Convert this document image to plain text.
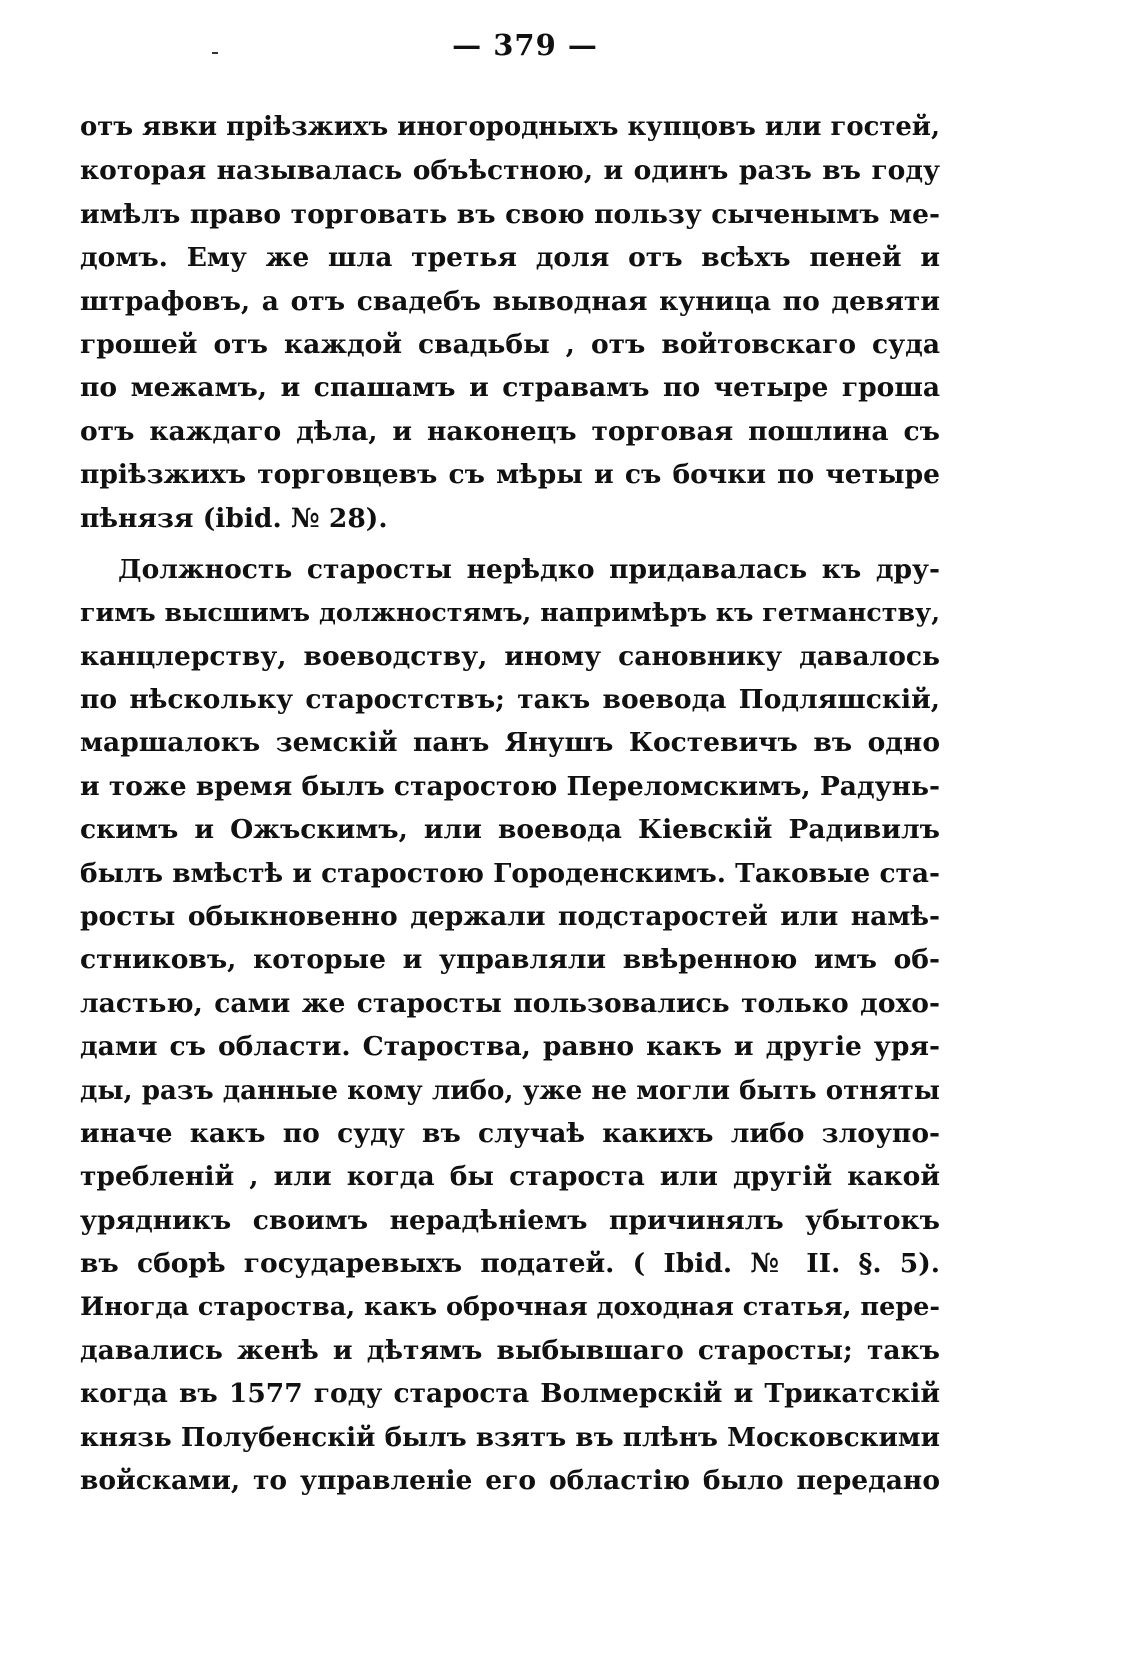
— 379 —
отъ явки пріѣзжихъ иногородныхъ купцовъ или гостей,
которая называлась объѣстною, и одинъ разъ въ году
имѣлъ право торговать въ свою пользу сыченымъ ме-
домъ. Ему же шла третья доля отъ всѣхъ пеней и
штрафовъ, а отъ свадебъ выводная куница по девяти
грошей отъ каждой свадьбы , отъ войтовскаго суда
по межамъ, и спашамъ и стравамъ по четыре гроша
отъ каждаго дѣла, и наконецъ торговая пошлина съ
пріѣзжихъ торговцевъ съ мѣры и съ бочки по четыре
пѣнязя (ibid. № 28).
Должность старосты нерѣдко придавалась къ дру-
гимъ высшимъ должностямъ, напримѣръ къ гетманству,
канцлерству, воеводству, иному сановнику давалось
по нѣскольку старостствъ; такъ воевода Подляшскій,
маршалокъ земскій панъ Янушъ Костевичъ въ одно
и тоже время былъ старостою Переломскимъ, Радунь-
скимъ и Ожъскимъ, или воевода Кіевскій Радивилъ
былъ вмѣстѣ и старостою Городенскимъ. Таковые ста-
росты обыкновенно держали подстаростей или намѣ-
стниковъ, которые и управляли ввѣренною имъ об-
ластью, сами же старосты пользовались только дохо-
дами съ области. Староства, равно какъ и другіе уря-
ды, разъ данные кому либо, уже не могли быть отняты
иначе какъ по суду въ случаѣ какихъ либо злоупо-
требленій , или когда бы староста или другій какой
урядникъ своимъ нерадѣніемъ причинялъ убытокъ
въ сборѣ государевыхъ податей. ( Ibid. № II. §. 5).
Иногда староства, какъ оброчная доходная статья, пере-
давались женѣ и дѣтямъ выбывшаго старосты; такъ
когда въ 1577 году староста Волмерскій и Трикатскій
князь Полубенскій былъ взятъ въ плѣнъ Московскими
войсками, то управленіе его областію было передано
